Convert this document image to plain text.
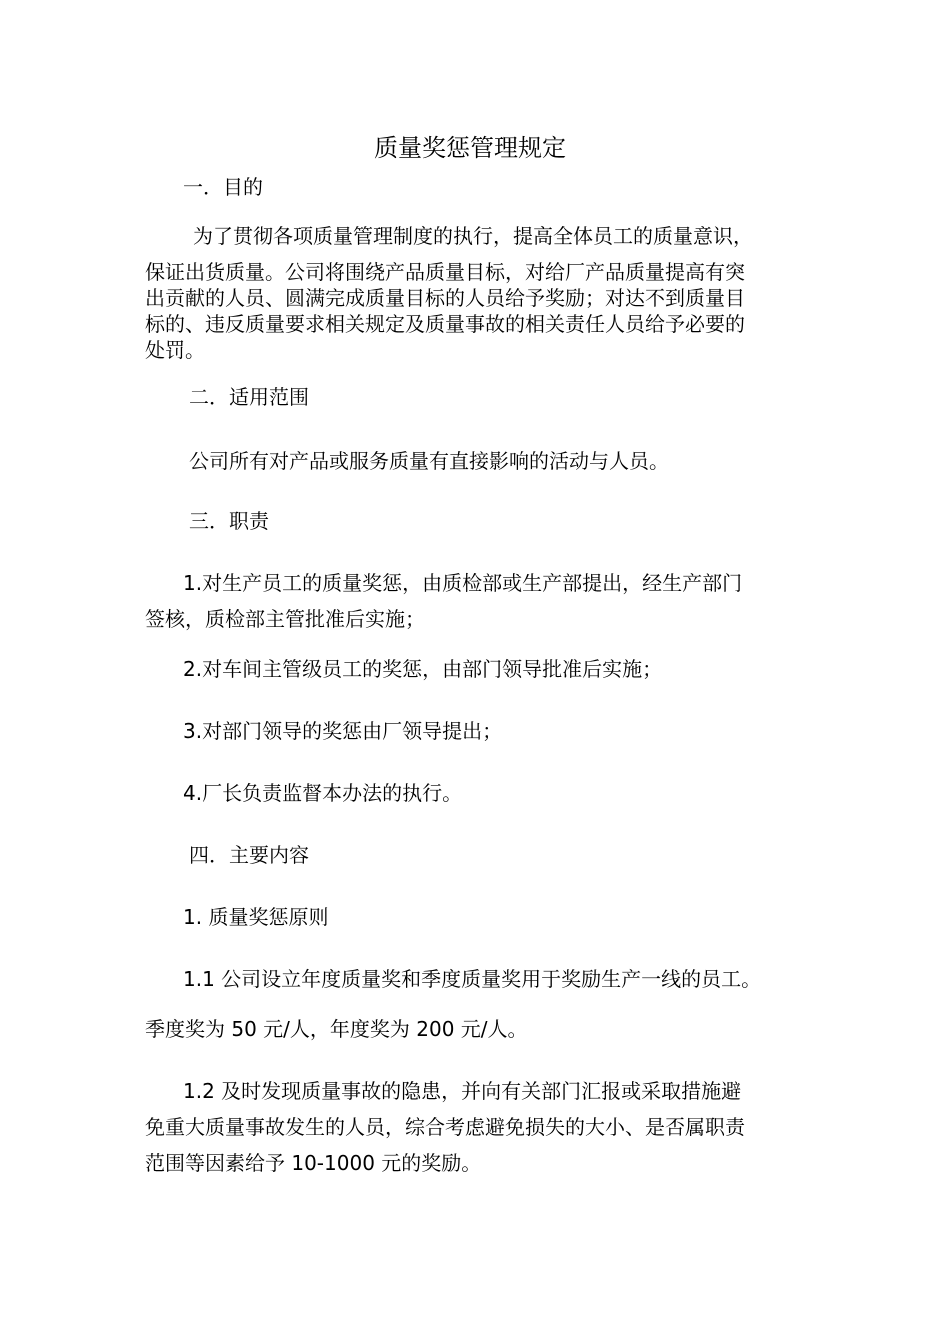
质量奖惩管理规定
一．目的
为了贯彻各项质量管理制度的执行，提高全体员工的质量意识，
保证出货质量。公司将围绕产品质量目标，对给厂产品质量提高有突
出贡献的人员、圆满完成质量目标的人员给予奖励；对达不到质量目
标的、违反质量要求相关规定及质量事故的相关责任人员给予必要的
处罚。
二．适用范围
公司所有对产品或服务质量有直接影响的活动与人员。
三．职责
1.对生产员工的质量奖惩，由质检部或生产部提出，经生产部门
签核，质检部主管批准后实施；
2.对车间主管级员工的奖惩，由部门领导批准后实施；
3.对部门领导的奖惩由厂领导提出；
4.厂长负责监督本办法的执行。
四．主要内容
1. 质量奖惩原则
1.1 公司设立年度质量奖和季度质量奖用于奖励生产一线的员工。
季度奖为 50 元/人，年度奖为 200 元/人。
1.2 及时发现质量事故的隐患，并向有关部门汇报或采取措施避
免重大质量事故发生的人员，综合考虑避免损失的大小、是否属职责
范围等因素给予 10-1000 元的奖励。
